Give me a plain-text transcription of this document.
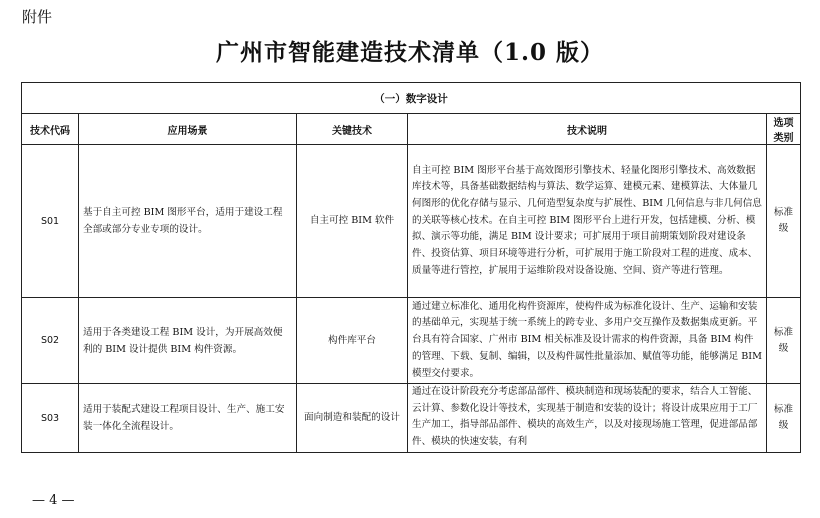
附件
广州市智能建造技术清单（1.0 版）
（一）数字设计				
技术代码	应用场景	关键技术	技术说明	选项类别
S01	基于自主可控 BIM 图形平台，适用于建设工程全部或部分专业专项的设计。	自主可控 BIM 软件	自主可控 BIM 图形平台基于高效图形引擎技术、轻量化图形引擎技术、高效数据库技术等，具备基础数据结构与算法、数学运算、建模元素、建模算法、大体量几何图形的优化存储与显示、几何造型复杂度与扩展性、BIM 几何信息与非几何信息的关联等核心技术。在自主可控 BIM 图形平台上进行开发，包括建模、分析、模拟、演示等功能，满足 BIM 设计要求；可扩展用于项目前期策划阶段对建设条件、投资估算、项目环境等进行分析，可扩展用于施工阶段对工程的进度、成本、质量等进行管控，扩展用于运维阶段对设备设施、空间、资产等进行管理。	标准级
S02	适用于各类建设工程 BIM 设计，为开展高效便利的 BIM 设计提供 BIM 构件资源。	构件库平台	通过建立标准化、通用化构件资源库，使构件成为标准化设计、生产、运输和安装的基础单元，实现基于统一系统上的跨专业、多用户交互操作及数据集成更新。平台具有符合国家、广州市 BIM 相关标准及设计需求的构件资源，具备 BIM 构件的管理、下载、复制、编辑，以及构件属性批量添加、赋值等功能，能够满足 BIM 模型交付要求。	标准级
S03	适用于装配式建设工程项目设计、生产、施工安装一体化全流程设计。	面向制造和装配的设计	通过在设计阶段充分考虑部品部件、模块制造和现场装配的要求，结合人工智能、云计算、参数化设计等技术，实现基于制造和安装的设计；将设计成果应用于工厂生产加工，指导部品部件、模块的高效生产，以及对接现场施工管理，促进部品部件、模块的快速安装，有利	标准级
— 4 —
